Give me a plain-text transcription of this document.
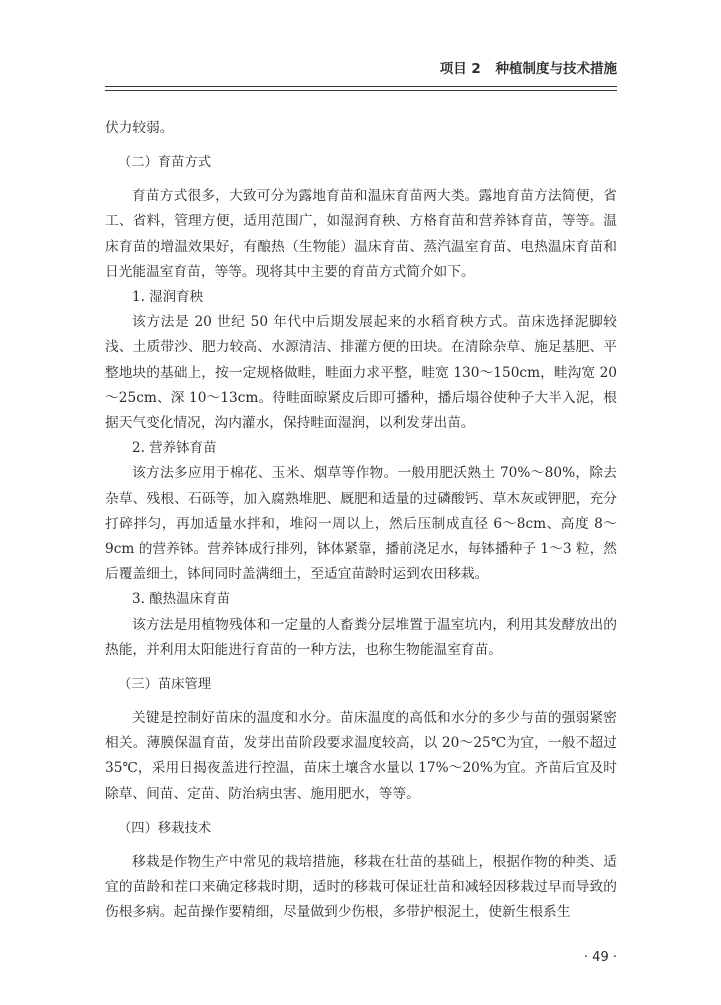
项目 2 种植制度与技术措施

伏力较弱。

（二）育苗方式

育苗方式很多，大致可分为露地育苗和温床育苗两大类。露地育苗方法简便，省工、省料，管理方便，适用范围广，如湿润育秧、方格育苗和营养钵育苗，等等。温床育苗的增温效果好，有酿热（生物能）温床育苗、蒸汽温室育苗、电热温床育苗和日光能温室育苗，等等。现将其中主要的育苗方式简介如下。

1. 湿润育秧

该方法是 20 世纪 50 年代中后期发展起来的水稻育秧方式。苗床选择泥脚较浅、土质带沙、肥力较高、水源清洁、排灌方便的田块。在清除杂草、施足基肥、平整地块的基础上，按一定规格做畦，畦面力求平整，畦宽 130～150cm，畦沟宽 20～25cm、深 10～13cm。待畦面晾紧皮后即可播种，播后塌谷使种子大半入泥，根据天气变化情况，沟内灌水，保持畦面湿润，以利发芽出苗。

2. 营养钵育苗

该方法多应用于棉花、玉米、烟草等作物。一般用肥沃熟土 70%～80%，除去杂草、残根、石砾等，加入腐熟堆肥、厩肥和适量的过磷酸钙、草木灰或钾肥，充分打碎拌匀，再加适量水拌和，堆闷一周以上，然后压制成直径 6～8cm、高度 8～9cm 的营养钵。营养钵成行排列，钵体紧靠，播前浇足水，每钵播种子 1～3 粒，然后覆盖细土，钵间同时盖满细土，至适宜苗龄时运到农田移栽。

3. 酿热温床育苗

该方法是用植物残体和一定量的人畜粪分层堆置于温室坑内，利用其发酵放出的热能，并利用太阳能进行育苗的一种方法，也称生物能温室育苗。

（三）苗床管理

关键是控制好苗床的温度和水分。苗床温度的高低和水分的多少与苗的强弱紧密相关。薄膜保温育苗，发芽出苗阶段要求温度较高，以 20～25℃为宜，一般不超过 35℃，采用日揭夜盖进行控温，苗床土壤含水量以 17%～20%为宜。齐苗后宜及时除草、间苗、定苗、防治病虫害、施用肥水，等等。

（四）移栽技术

移栽是作物生产中常见的栽培措施，移栽在壮苗的基础上，根据作物的种类、适宜的苗龄和茬口来确定移栽时期，适时的移栽可保证壮苗和减轻因移栽过早而导致的伤根多病。起苗操作要精细，尽量做到少伤根，多带护根泥土，使新生根系生

· 49 ·
